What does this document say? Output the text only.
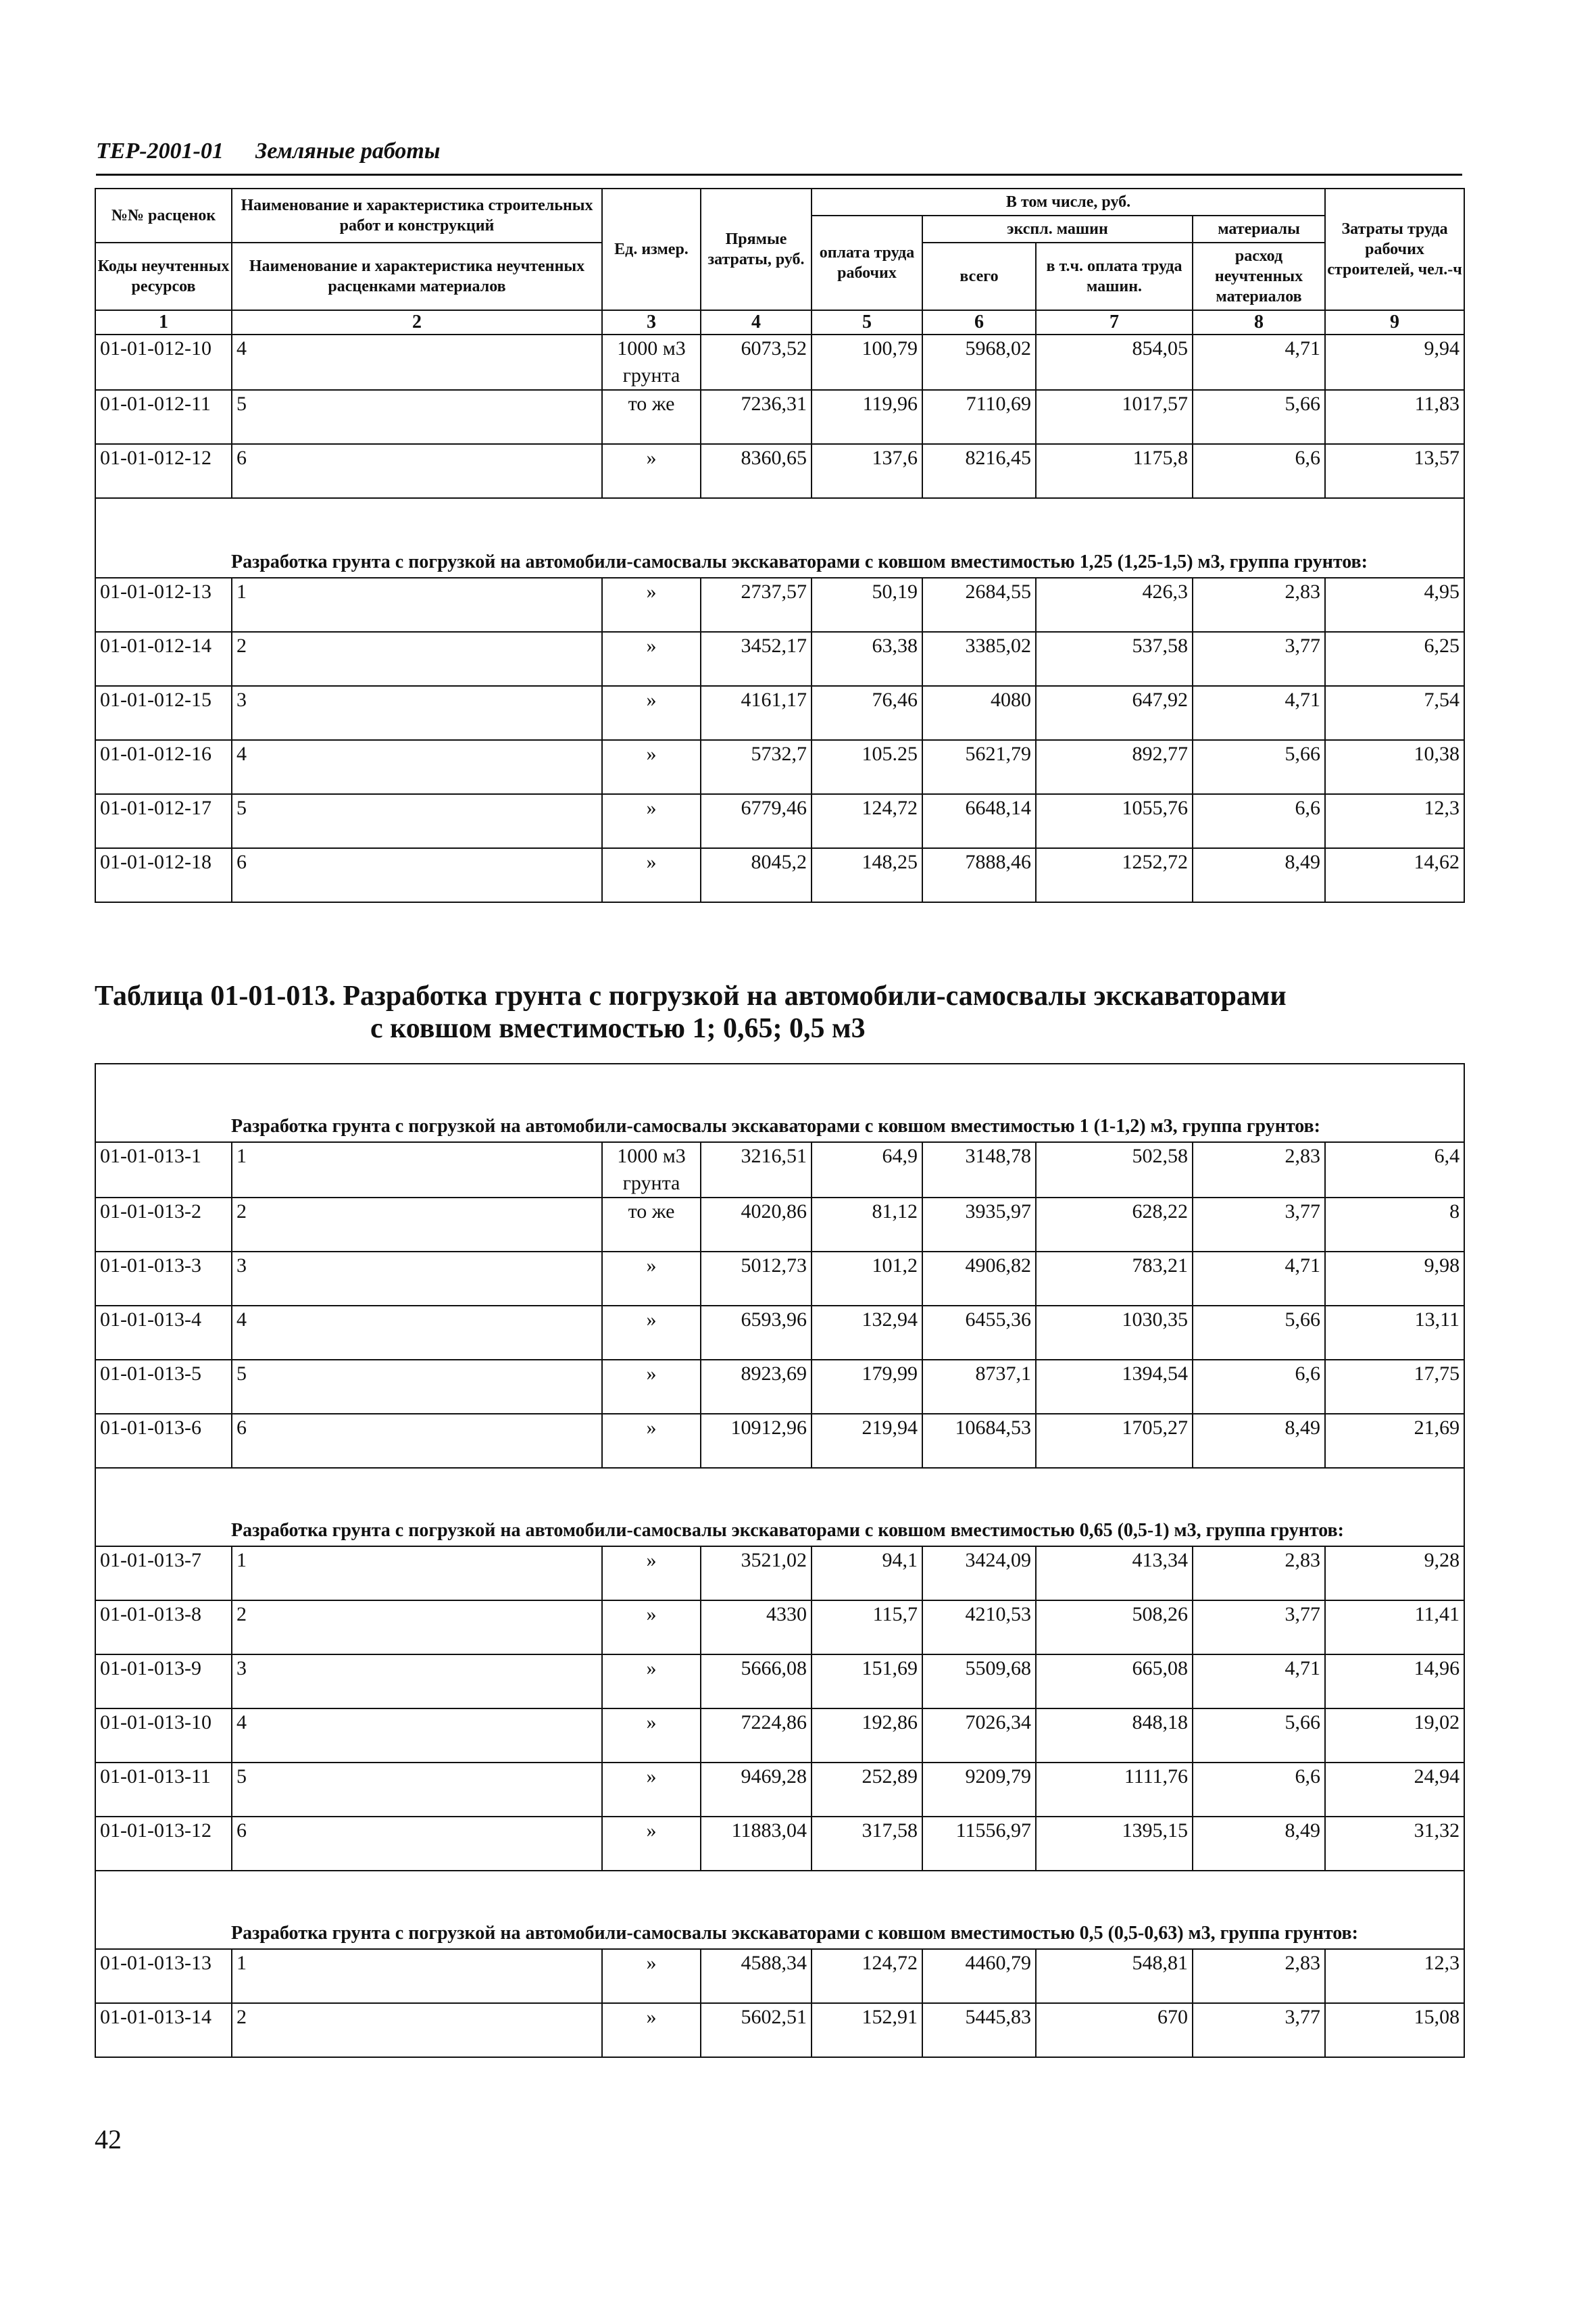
ТЕР-2001-01 Земляные работы
№№ расценок	Наименование и характеристика строительных работ и конструкций	Ед. измер.	Прямые затраты, руб.	В том числе, руб.				Затраты труда рабочих строителей, чел.-ч
				оплата труда рабочих	экспл. машин		материалы	
Коды неучтенных ресурсов	Наименование и характеристика неучтенных расценками материалов				всего	в т.ч. оплата труда машин.	расход неучтенных материалов	

1	2	3	4	5	6	7	8	9
01-01-012-10	4	1000 м3 грунта	6073,52	100,79	5968,02	854,05	4,71	9,94
01-01-012-11	5	то же	7236,31	119,96	7110,69	1017,57	5,66	11,83
01-01-012-12	6	»	8360,65	137,6	8216,45	1175,8	6,6	13,57
Разработка грунта с погрузкой на автомобили-самосвалы экскаваторами с ковшом вместимостью 1,25 (1,25-1,5) м3, группа грунтов:								
01-01-012-13	1	»	2737,57	50,19	2684,55	426,3	2,83	4,95
01-01-012-14	2	»	3452,17	63,38	3385,02	537,58	3,77	6,25
01-01-012-15	3	»	4161,17	76,46	4080	647,92	4,71	7,54
01-01-012-16	4	»	5732,7	105.25	5621,79	892,77	5,66	10,38
01-01-012-17	5	»	6779,46	124,72	6648,14	1055,76	6,6	12,3
01-01-012-18	6	»	8045,2	148,25	7888,46	1252,72	8,49	14,62
Таблица 01-01-013. Разработка грунта с погрузкой на автомобили-самосвалы экскаваторами
с ковшом вместимостью 1; 0,65; 0,5 м3
Разработка грунта с погрузкой на автомобили-самосвалы экскаваторами с ковшом вместимостью 1 (1-1,2) м3, группа грунтов:								
01-01-013-1	1	1000 м3 грунта	3216,51	64,9	3148,78	502,58	2,83	6,4
01-01-013-2	2	то же	4020,86	81,12	3935,97	628,22	3,77	8
01-01-013-3	3	»	5012,73	101,2	4906,82	783,21	4,71	9,98
01-01-013-4	4	»	6593,96	132,94	6455,36	1030,35	5,66	13,11
01-01-013-5	5	»	8923,69	179,99	8737,1	1394,54	6,6	17,75
01-01-013-6	6	»	10912,96	219,94	10684,53	1705,27	8,49	21,69
Разработка грунта с погрузкой на автомобили-самосвалы экскаваторами с ковшом вместимостью 0,65 (0,5-1) м3, группа грунтов:								
01-01-013-7	1	»	3521,02	94,1	3424,09	413,34	2,83	9,28
01-01-013-8	2	»	4330	115,7	4210,53	508,26	3,77	11,41
01-01-013-9	3	»	5666,08	151,69	5509,68	665,08	4,71	14,96
01-01-013-10	4	»	7224,86	192,86	7026,34	848,18	5,66	19,02
01-01-013-11	5	»	9469,28	252,89	9209,79	1111,76	6,6	24,94
01-01-013-12	6	»	11883,04	317,58	11556,97	1395,15	8,49	31,32
Разработка грунта с погрузкой на автомобили-самосвалы экскаваторами с ковшом вместимостью 0,5 (0,5-0,63) м3, группа грунтов:								
01-01-013-13	1	»	4588,34	124,72	4460,79	548,81	2,83	12,3
01-01-013-14	2	»	5602,51	152,91	5445,83	670	3,77	15,08
42
